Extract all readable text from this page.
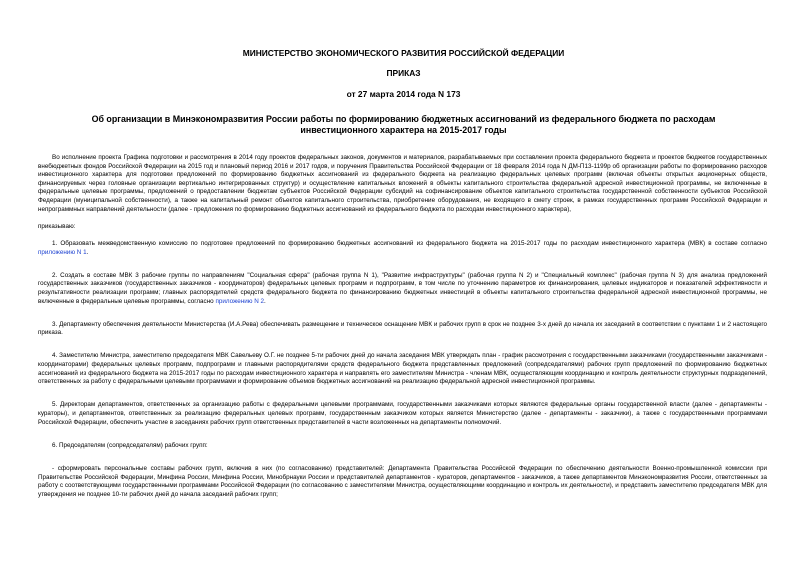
МИНИСТЕРСТВО ЭКОНОМИЧЕСКОГО РАЗВИТИЯ РОССИЙСКОЙ ФЕДЕРАЦИИ
ПРИКАЗ
от 27 марта 2014 года N 173
Об организации в Минэкономразвития России работы по формированию бюджетных ассигнований из федерального бюджета по расходам инвестиционного характера на 2015-2017 годы

Во исполнение проекта Графика подготовки и рассмотрения в 2014 году проектов федеральных законов, документов и материалов, разрабатываемых при составлении проекта федерального бюджета и проектов бюджетов государственных внебюджетных фондов Российской Федерации на 2015 год и плановый период 2016 и 2017 годов, и поручения Правительства Российской Федерации от 18 февраля 2014 года N ДМ-П13-1199р об организации работы по формированию расходов инвестиционного характера для подготовки предложений по формированию бюджетных ассигнований из федерального бюджета на реализацию федеральных целевых программ (включая объекты открытых акционерных обществ, финансируемых через головные организации вертикально интегрированных структур) и осуществление капитальных вложений в объекты капитального строительства федеральной адресной инвестиционной программы, не включенные в федеральные целевые программы, предложений о предоставлении бюджетам субъектов Российской Федерации субсидий на софинансирование объектов капитального строительства государственной собственности субъектов Российской Федерации (муниципальной собственности), а также на капитальный ремонт объектов капитального строительства, приобретение оборудования, не входящего в смету строек, в рамках государственных программ Российской Федерации и непрограммных направлений деятельности (далее - предложения по формированию бюджетных ассигнований из федерального бюджета по расходам инвестиционного характера),

приказываю:

1. Образовать межведомственную комиссию по подготовке предложений по формированию бюджетных ассигнований из федерального бюджета на 2015-2017 годы по расходам инвестиционного характера (МВК) в составе согласно приложению N 1.

2. Создать в составе МВК 3 рабочие группы по направлениям "Социальная сфера" (рабочая группа N 1), "Развитие инфраструктуры" (рабочая группа N 2) и "Специальный комплекс" (рабочая группа N 3) для анализа предложений государственных заказчиков (государственных заказчиков - координаторов) федеральных целевых программ и подпрограмм, в том числе по уточнению параметров их финансирования, целевых индикаторов и показателей эффективности и результативности реализации программ; главных распорядителей средств федерального бюджета по финансированию бюджетных инвестиций в объекты капитального строительства федеральной адресной инвестиционной программы, не включенные в федеральные целевые программы, согласно приложению N 2.

3. Департаменту обеспечения деятельности Министерства (И.А.Рева) обеспечивать размещение и техническое оснащение МВК и рабочих групп в срок не позднее 3-х дней до начала их заседаний в соответствии с пунктами 1 и 2 настоящего приказа.

4. Заместителю Министра, заместителю председателя МВК Савельеву О.Г. не позднее 5-ти рабочих дней до начала заседания МВК утверждать план - график рассмотрения с государственными заказчиками (государственными заказчиками - координаторами) федеральных целевых программ, подпрограмм и главными распорядителями средств федерального бюджета представленных предложений (сопредседателями) рабочих групп предложений по формированию бюджетных ассигнований из федерального бюджета на 2015-2017 годы по расходам инвестиционного характера и направлять его заместителям Министра - членам МВК, осуществляющим координацию и контроль деятельности структурных подразделений, ответственных за работу с федеральными целевыми программами и формирование объемов бюджетных ассигнований на реализацию федеральной адресной инвестиционной программы.

5. Директорам департаментов, ответственных за организацию работы с федеральными целевыми программами, государственными заказчиками которых являются федеральные органы государственной власти (далее - департаменты - кураторы), и департаментов, ответственных за реализацию федеральных целевых программ, государственным заказчиком которых является Министерство (далее - департаменты - заказчики), а также с государственными программами Российской Федерации, обеспечить участие в заседаниях рабочих групп ответственных представителей в части возложенных на департаменты полномочий.

6. Председателям (сопредседателям) рабочих групп:

- сформировать персональные составы рабочих групп, включив в них (по согласованию) представителей: Департамента Правительства Российской Федерации по обеспечению деятельности Военно-промышленной комиссии при Правительстве Российской Федерации, Минфина России, Минфина России, Минобрнауки России и представителей департаментов - кураторов, департаментов - заказчиков, а также департаментов Минэкономразвития России, ответственных за работу с соответствующими государственными программами Российской Федерации (по согласованию с заместителями Министра, осуществляющими координацию и контроль их деятельности), и представить заместителю председателя МВК для утверждения не позднее 10-ти рабочих дней до начала заседаний рабочих групп;
